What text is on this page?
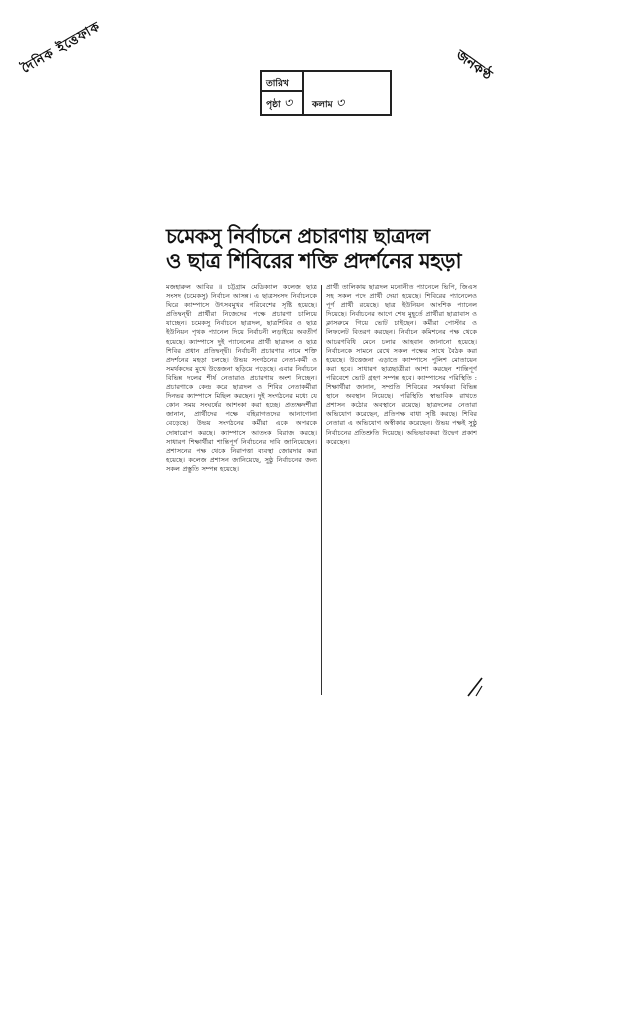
দৈনিক ইত্তেফাক
তারিখ
পৃষ্ঠা ৩ কলাম ৩
জনকণ্ঠ
চমেকসু নির্বাচনে প্রচারণায় ছাত্রদল
ও ছাত্র শিবিরের শক্তি প্রদর্শনের মহড়া

মজহারুল আবির ॥ চট্টগ্রাম মেডিক্যাল কলেজ ছাত্র সংসদ (চমেকসু) নির্বাচন আসন্ন। এ ছাত্রসংসদ নির্বাচনকে ঘিরে ক্যাম্পাসে উৎসবমুখর পরিবেশের সৃষ্টি হয়েছে। প্রতিদ্বন্দ্বী প্রার্থীরা নিজেদের পক্ষে প্রচারণা চালিয়ে যাচ্ছেন। চমেকসু নির্বাচনে ছাত্রদল, ছাত্রশিবির ও ছাত্র ইউনিয়ন পৃথক প্যানেল দিয়ে নির্বাচনী লড়াইয়ে অবতীর্ণ হয়েছে। ক্যাম্পাসে দুই প্যানেলের প্রার্থী ছাত্রদল ও ছাত্র শিবির প্রধান প্রতিদ্বন্দ্বী। নির্বাচনী প্রচারণার নামে শক্তি প্রদর্শনের মহড়া চলছে। উভয় সংগঠনের নেতা-কর্মী ও সমর্থকদের মুখে উত্তেজনা ছড়িয়ে পড়েছে। এবার নির্বাচনে বিভিন্ন দলের শীর্ষ নেতারাও প্রচারণায় অংশ নিচ্ছেন। প্রচারণাকে কেন্দ্র করে ছাত্রদল ও শিবির নেতাকর্মীরা দিনভর ক্যাম্পাসে মিছিল করছেন। দুই সংগঠনের মধ্যে যে কোন সময় সংঘর্ষের আশংকা করা হচ্ছে। প্রত্যক্ষদর্শীরা জানান, প্রার্থীদের পক্ষে বহিরাগতদের আনাগোনা বেড়েছে। উভয় সংগঠনের কর্মীরা একে অপরকে দোষারোপ করছে। ক্যাম্পাসে আতংক বিরাজ করছে। সাধারণ শিক্ষার্থীরা শান্তিপূর্ণ নির্বাচনের দাবি জানিয়েছেন। প্রশাসনের পক্ষ থেকে নিরাপত্তা ব্যবস্থা জোরদার করা হয়েছে। কলেজ প্রশাসন জানিয়েছে, সুষ্ঠু নির্বাচনের জন্য সকল প্রস্তুতি সম্পন্ন হয়েছে।

প্রার্থী তালিকায় ছাত্রদল মনোনীত প্যানেলে ভিপি, জিএস সহ সকল পদে প্রার্থী দেয়া হয়েছে। শিবিরের প্যানেলেও পূর্ণ প্রার্থী রয়েছে। ছাত্র ইউনিয়ন আংশিক প্যানেল দিয়েছে। নির্বাচনের আগে শেষ মুহূর্তে প্রার্থীরা ছাত্রাবাস ও ক্লাসরুমে গিয়ে ভোট চাইছেন। কর্মীরা পোস্টার ও লিফলেট বিতরণ করছেন। নির্বাচন কমিশনের পক্ষ থেকে আচরণবিধি মেনে চলার আহবান জানানো হয়েছে। নির্বাচনকে সামনে রেখে সকল পক্ষের সাথে বৈঠক করা হয়েছে। উত্তেজনা এড়াতে ক্যাম্পাসে পুলিশ মোতায়েন করা হবে। সাধারণ ছাত্রছাত্রীরা আশা করছেন শান্তিপূর্ণ পরিবেশে ভোট গ্রহণ সম্পন্ন হবে। ক্যাম্পাসের পরিস্থিতি : শিক্ষার্থীরা জানান, সম্প্রতি শিবিরের সমর্থকরা বিভিন্ন স্থানে অবস্থান নিয়েছে। পরিস্থিতি স্বাভাবিক রাখতে প্রশাসন কঠোর অবস্থানে রয়েছে। ছাত্রদলের নেতারা অভিযোগ করেছেন, প্রতিপক্ষ বাধা সৃষ্টি করছে। শিবির নেতারা এ অভিযোগ অস্বীকার করেছেন। উভয় পক্ষই সুষ্ঠু নির্বাচনের প্রতিশ্রুতি দিয়েছে। অভিভাবকরা উদ্বেগ প্রকাশ করেছেন।
